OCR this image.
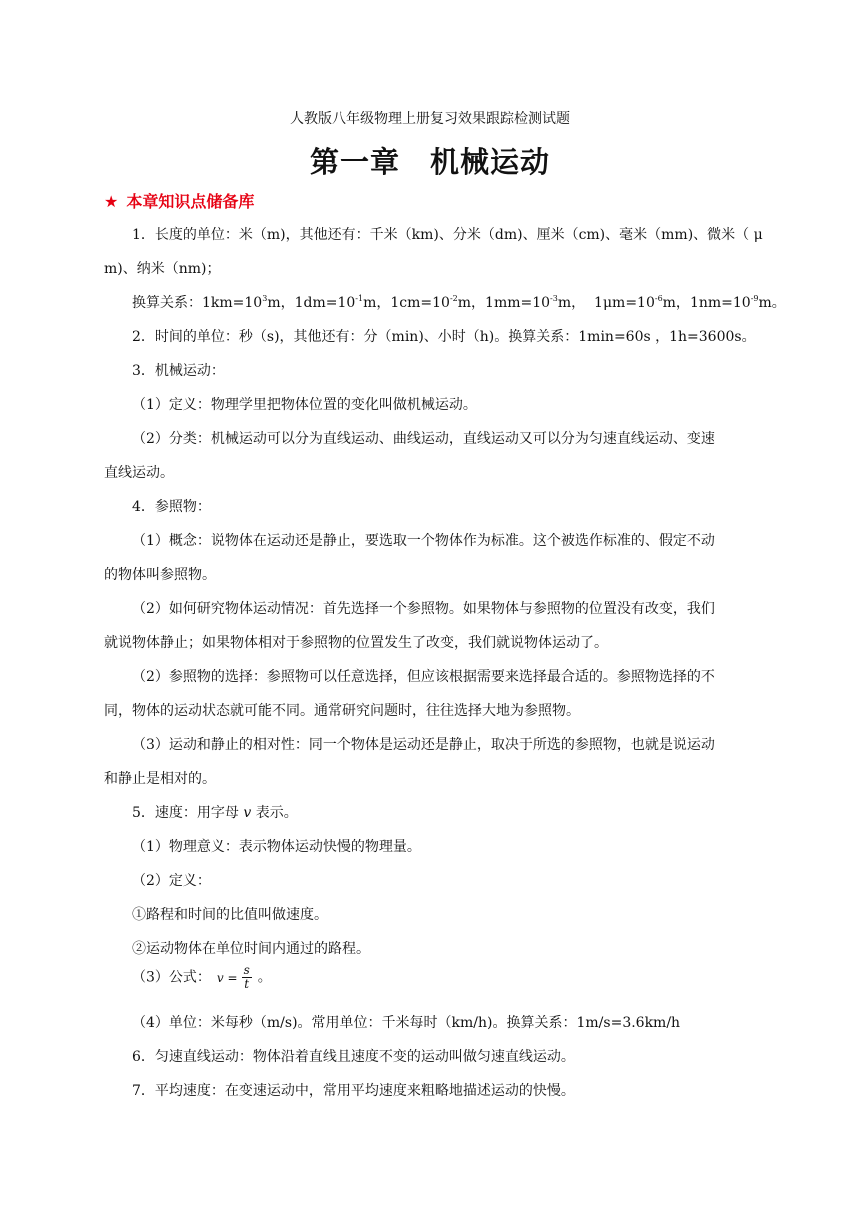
人教版八年级物理上册复习效果跟踪检测试题
第一章 机械运动
★ 本章知识点储备库
1．长度的单位：米（m)，其他还有：千米（km)、分米（dm)、厘米（cm)、毫米（mm)、微米（ μ
m)、纳米（nm)；
换算关系：$1km=10^3m$，$1dm=10^{-1}m$，$1cm=10^{-2}m$，$1mm=10^{-3}m$， $1\mu m=10^{-6}m$，$1nm=10^{-9}m$。
2．时间的单位：秒（s)，其他还有：分（min)、小时（h)。换算关系：1min=60s ，1h=3600s。
3．机械运动：
（1）定义：物理学里把物体位置的变化叫做机械运动。
（2）分类：机械运动可以分为直线运动、曲线运动，直线运动又可以分为匀速直线运动、变速
直线运动。
4．参照物：
（1）概念：说物体在运动还是静止，要选取一个物体作为标准。这个被选作标准的、假定不动
的物体叫参照物。
（2）如何研究物体运动情况：首先选择一个参照物。如果物体与参照物的位置没有改变，我们
就说物体静止；如果物体相对于参照物的位置发生了改变，我们就说物体运动了。
（2）参照物的选择：参照物可以任意选择，但应该根据需要来选择最合适的。参照物选择的不
同，物体的运动状态就可能不同。通常研究问题时，往往选择大地为参照物。
（3）运动和静止的相对性：同一个物体是运动还是静止，取决于所选的参照物，也就是说运动
和静止是相对的。
5．速度：用字母 v 表示。
（1）物理意义：表示物体运动快慢的物理量。
（2）定义：
①路程和时间的比值叫做速度。
②运动物体在单位时间内通过的路程。
（3）公式： $v = \frac{s}{t}$ 。
（4）单位：米每秒（m/s)。常用单位：千米每时（km/h)。换算关系：1m/s=3.6km/h
6．匀速直线运动：物体沿着直线且速度不变的运动叫做匀速直线运动。
7．平均速度：在变速运动中，常用平均速度来粗略地描述运动的快慢。
